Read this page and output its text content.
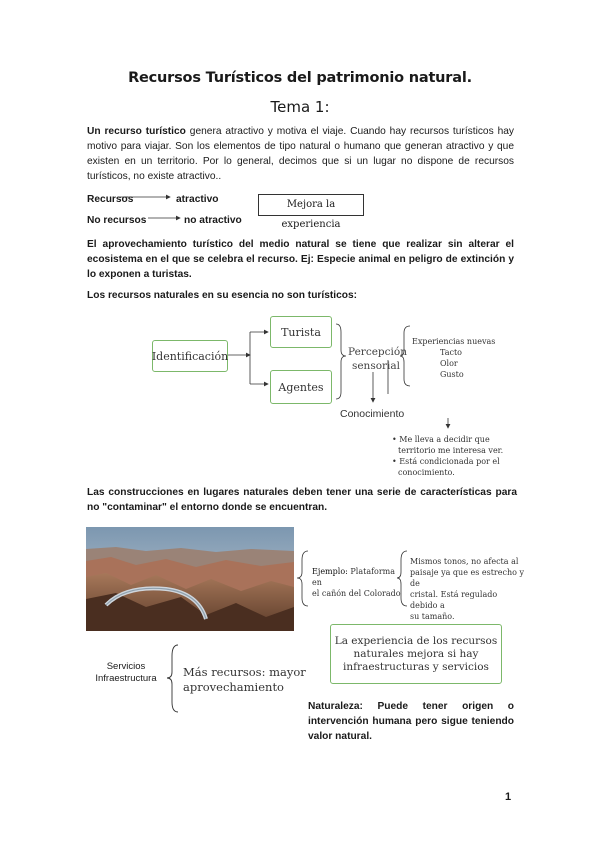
Recursos Turísticos del patrimonio natural.
Tema 1:
Un recurso turístico genera atractivo y motiva el viaje. Cuando hay recursos turísticos hay motivo para viajar. Son los elementos de tipo natural o humano que generan atractivo y que existen en un territorio. Por lo general, decimos que si un lugar no dispone de recursos turísticos, no existe atractivo..
Recursos	atractivo
No recursos	no atractivo
Mejora la experiencia
El aprovechamiento turístico del medio natural se tiene que realizar sin alterar el ecosistema en el que se celebra el recurso. Ej: Especie animal en peligro de extinción y lo exponen a turistas.
Los recursos naturales en su esencia no son turísticos:
Identificación
Turista
Agentes
Percepción
sensorial
Experiencias nuevas
Tacto
Olor
Gusto
Conocimiento
• Me lleva a decidir que
territorio me interesa ver.
• Está condicionada por el
conocimiento.
Las construcciones en lugares naturales deben tener una serie de características para no "contaminar" el entorno donde se encuentran.
Ejemplo: Plataforma en
el cañón del Colorado
Mismos tonos, no afecta al
paisaje ya que es estrecho y de
cristal. Está regulado debido a
su tamaño.
La experiencia de los recursos
naturales mejora si hay
infraestructuras y servicios
Servicios
Infraestructura	Más recursos: mayor
aprovechamiento
Naturaleza: Puede tener origen o intervención humana pero sigue teniendo valor natural.
1
